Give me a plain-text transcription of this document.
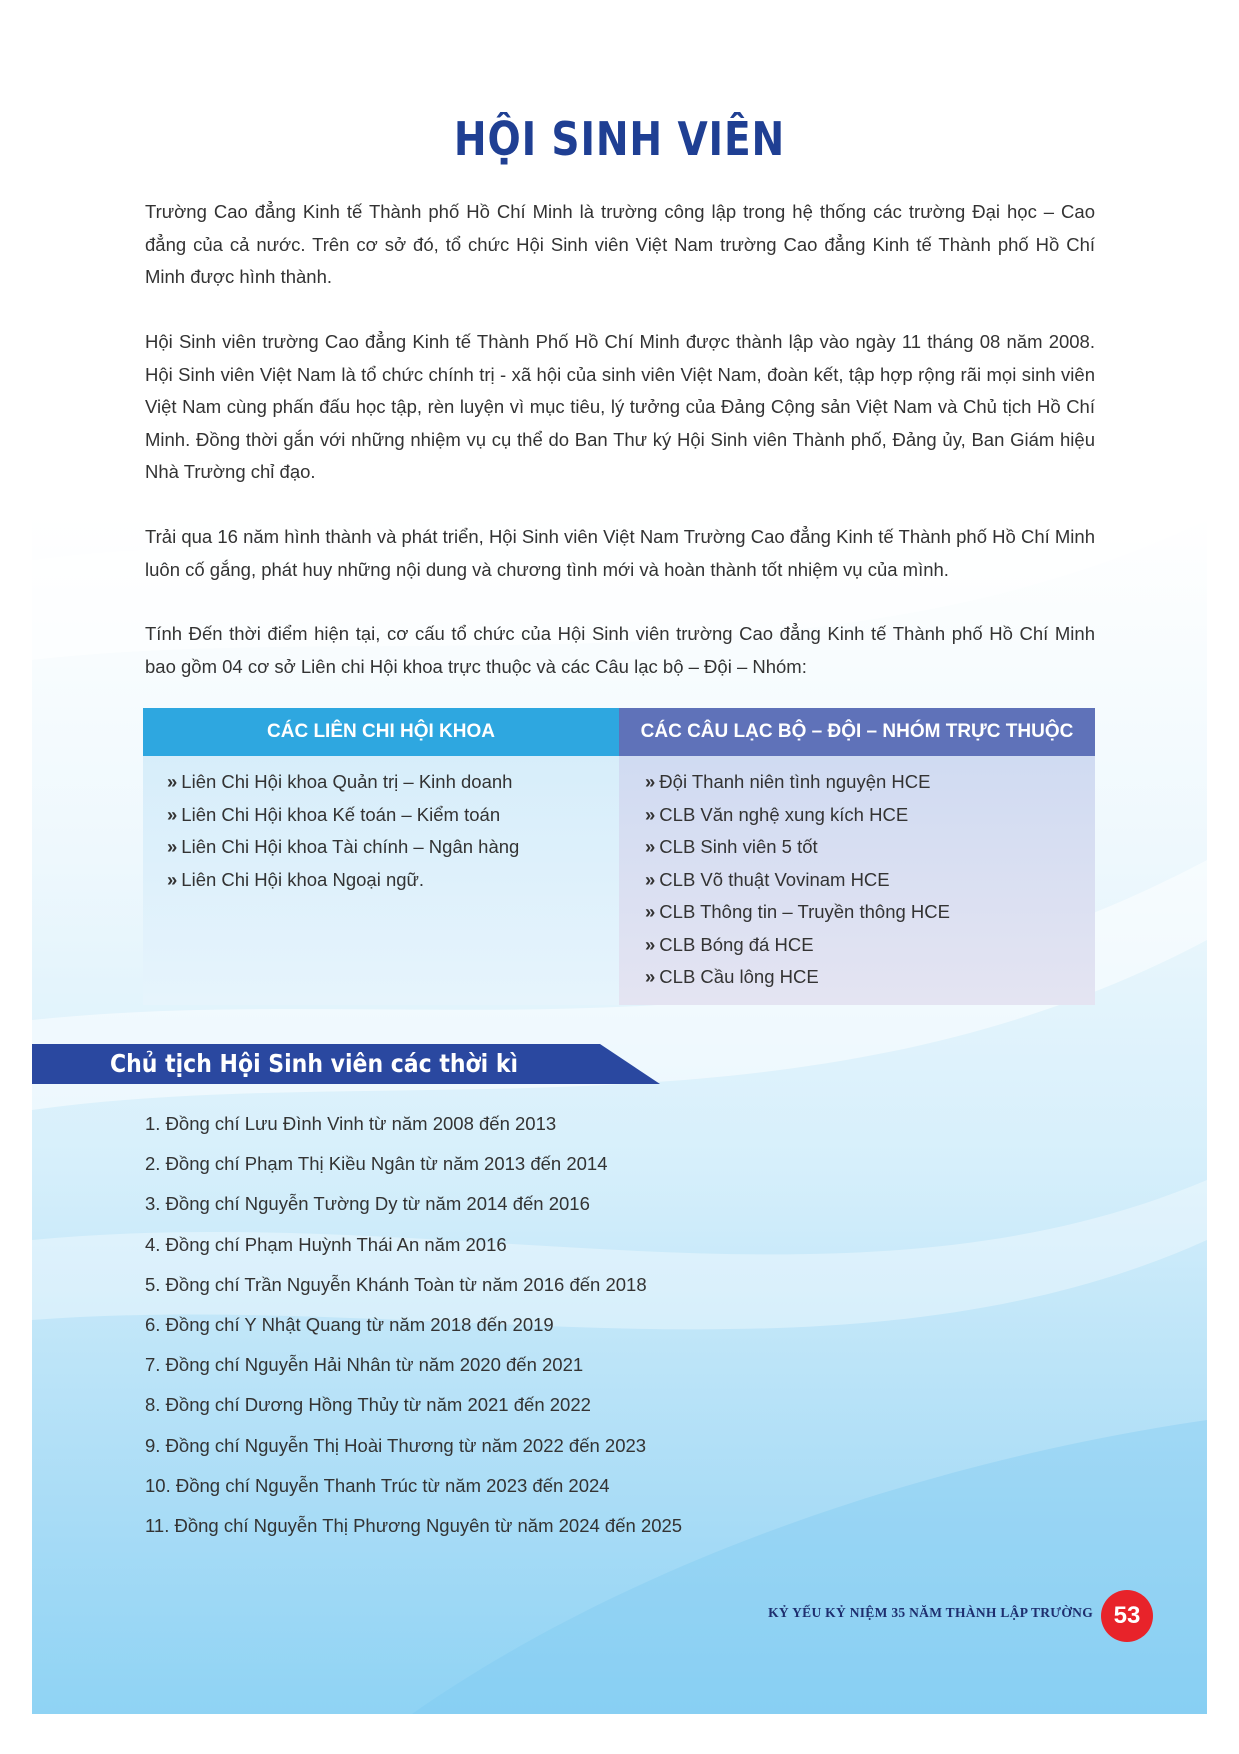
HỘI SINH VIÊN

Trường Cao đẳng Kinh tế Thành phố Hồ Chí Minh là trường công lập trong hệ thống các trường Đại học – Cao đẳng của cả nước. Trên cơ sở đó, tổ chức Hội Sinh viên Việt Nam trường Cao đẳng Kinh tế Thành phố Hồ Chí Minh được hình thành.

Hội Sinh viên trường Cao đẳng Kinh tế Thành Phố Hồ Chí Minh được thành lập vào ngày 11 tháng 08 năm 2008. Hội Sinh viên Việt Nam là tổ chức chính trị - xã hội của sinh viên Việt Nam, đoàn kết, tập hợp rộng rãi mọi sinh viên Việt Nam cùng phấn đấu học tập, rèn luyện vì mục tiêu, lý tưởng của Đảng Cộng sản Việt Nam và Chủ tịch Hồ Chí Minh. Đồng thời gắn với những nhiệm vụ cụ thể do Ban Thư ký Hội Sinh viên Thành phố, Đảng ủy, Ban Giám hiệu Nhà Trường chỉ đạo.

Trải qua 16 năm hình thành và phát triển, Hội Sinh viên Việt Nam Trường Cao đẳng Kinh tế Thành phố Hồ Chí Minh luôn cố gắng, phát huy những nội dung và chương tình mới và hoàn thành tốt nhiệm vụ của mình.

Tính Đến thời điểm hiện tại, cơ cấu tổ chức của Hội Sinh viên trường Cao đẳng Kinh tế Thành phố Hồ Chí Minh bao gồm 04 cơ sở Liên chi Hội khoa trực thuộc và các Câu lạc bộ – Đội – Nhóm:

CÁC LIÊN CHI HỘI KHOA
» Liên Chi Hội khoa Quản trị – Kinh doanh
» Liên Chi Hội khoa Kế toán – Kiểm toán
» Liên Chi Hội khoa Tài chính – Ngân hàng
» Liên Chi Hội khoa Ngoại ngữ.
CÁC CÂU LẠC BỘ – ĐỘI – NHÓM TRỰC THUỘC
» Đội Thanh niên tình nguyện HCE
» CLB Văn nghệ xung kích HCE
» CLB Sinh viên 5 tốt
» CLB Võ thuật Vovinam HCE
» CLB Thông tin – Truyền thông HCE
» CLB Bóng đá HCE
» CLB Cầu lông HCE
Chủ tịch Hội Sinh viên các thời kì
1. Đồng chí Lưu Đình Vinh từ năm 2008 đến 2013
2. Đồng chí Phạm Thị Kiều Ngân từ năm 2013 đến 2014
3. Đồng chí Nguyễn Tường Dy từ năm 2014 đến 2016
4. Đồng chí Phạm Huỳnh Thái An năm 2016
5. Đồng chí Trần Nguyễn Khánh Toàn từ năm 2016 đến 2018
6. Đồng chí Y Nhật Quang từ năm 2018 đến 2019
7. Đồng chí Nguyễn Hải Nhân từ năm 2020 đến 2021
8. Đồng chí Dương Hồng Thủy từ năm 2021 đến 2022
9. Đồng chí Nguyễn Thị Hoài Thương từ năm 2022 đến 2023
10. Đồng chí Nguyễn Thanh Trúc từ năm 2023 đến 2024
11. Đồng chí Nguyễn Thị Phương Nguyên từ năm 2024 đến 2025

KỶ YẾU KỶ NIỆM 35 NĂM THÀNH LẬP TRƯỜNG 53
